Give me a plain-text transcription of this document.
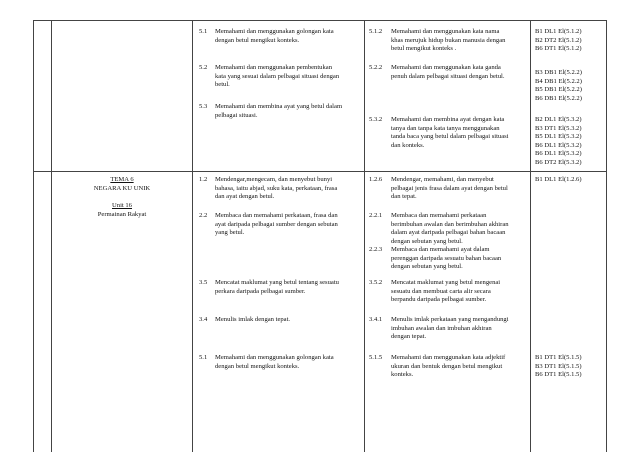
5.1 Memahami dan menggunakan golongan kata
dengan betul mengikut konteks.
5.2 Memahami dan menggunakan pembentukan
kata yang sesuai dalam pelbagai situasi dengan
betul.
5.3 Memahami dan membina ayat yang betul dalam
pelbagai situasi.
5.1.2 Memahami dan menggunakan kata nama
khas merujuk hidup bukan manusia dengan
betul mengikut konteks .
5.2.2 Memahami dan menggunakan kata ganda
penuh dalam pelbagai situasi dengan betul.
5.3.2 Memahami dan membina ayat dengan kata
tanya dan tanpa kata tanya menggunakan
tanda baca yang betul dalam pelbagai situasi
dan konteks.
B1 DL1 El(5.1.2)
B2 DT2 El(5.1.2)
B6 DT1 El(5.1.2)
B3 DB1 El(5.2.2)
B4 DB1 El(5.2.2)
B5 DB1 El(5.2.2)
B6 DB1 El(5.2.2)
B2 DL1 El(5.3.2)
B3 DT1 El(5.3.2)
B5 DL1 El(5.3.2)
B6 DL1 El(5.3.2)
B6 DL1 El(5.3.2)
B6 DT2 El(5.3.2)
TEMA 6
NEGARA KU UNIK
Unit 16
Permainan Rakyat
1.2 Mendengar,mengecam, dan menyebut bunyi
bahasa, iaitu abjad, suku kata, perkataan, frasa
dan ayat dengan betul.
2.2 Membaca dan memahami perkataan, frasa dan
ayat daripada pelbagai sumber dengan sebutan
yang betul.
3.5 Mencatat maklumat yang betul tentang sesuatu
perkara daripada pelbagai sumber.
3.4 Menulis imlak dengan tepat.
5.1 Memahami dan menggunakan golongan kata
dengan betul mengikut konteks.
1.2.6 Mendengar, memahami, dan menyebut
pelbagai jenis frasa dalam ayat dengan betul
dan tepat.
2.2.1 Membaca dan memahami perkataan
berimbuhan awalan dan berimbuhan akhiran
dalam ayat daripada pelbagai bahan bacaan
dengan sebutan yang betul.
2.2.3 Membaca dan memahami ayat dalam
perenggan daripada sesuatu bahan bacaan
dengan sebutan yang betul.
3.5.2 Mencatat maklumat yang betul mengenai
sesuatu dan membuat carta alir secara
berpandu daripada pelbagai sumber.
3.4.1 Menulis imlak perkataan yang mengandungi
imbuhan awalan dan imbuhan akhiran
dengan tepat.
5.1.5 Memahami dan menggunakan kata adjektif
ukuran dan bentuk dengan betul mengikut
konteks.
B1 DL1 El(1.2.6)
B1 DT1 El(5.1.5)
B3 DT1 El(5.1.5)
B6 DT1 El(5.1.5)
